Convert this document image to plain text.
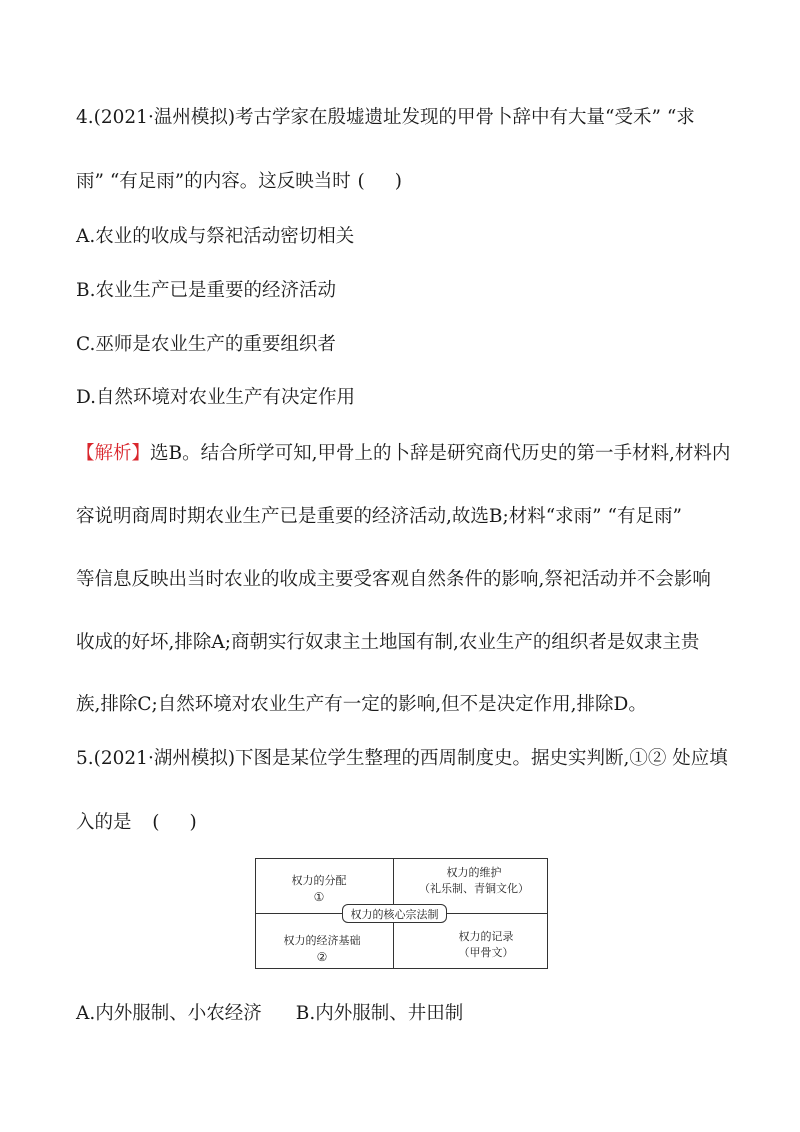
4.(2021·温州模拟)考古学家在殷墟遗址发现的甲骨卜辞中有大量“受禾” “求
雨” “有足雨”的内容。这反映当时 ( )
A.农业的收成与祭祀活动密切相关
B.农业生产已是重要的经济活动
C.巫师是农业生产的重要组织者
D.自然环境对农业生产有决定作用
【解析】选B。结合所学可知,甲骨上的卜辞是研究商代历史的第一手材料,材料内
容说明商周时期农业生产已是重要的经济活动,故选B;材料“求雨” “有足雨”
等信息反映出当时农业的收成主要受客观自然条件的影响,祭祀活动并不会影响
收成的好坏,排除A;商朝实行奴隶主土地国有制,农业生产的组织者是奴隶主贵
族,排除C;自然环境对农业生产有一定的影响,但不是决定作用,排除D。
5.(2021·湖州模拟)下图是某位学生整理的西周制度史。据史实判断,①② 处应填
入的是 ( )
权力的分配
①
权力的维护
（礼乐制、青铜文化）
权力的经济基础
②
权力的记录
（甲骨文）
权力的核心宗法制
A.内外服制、小农经济 B.内外服制、井田制
